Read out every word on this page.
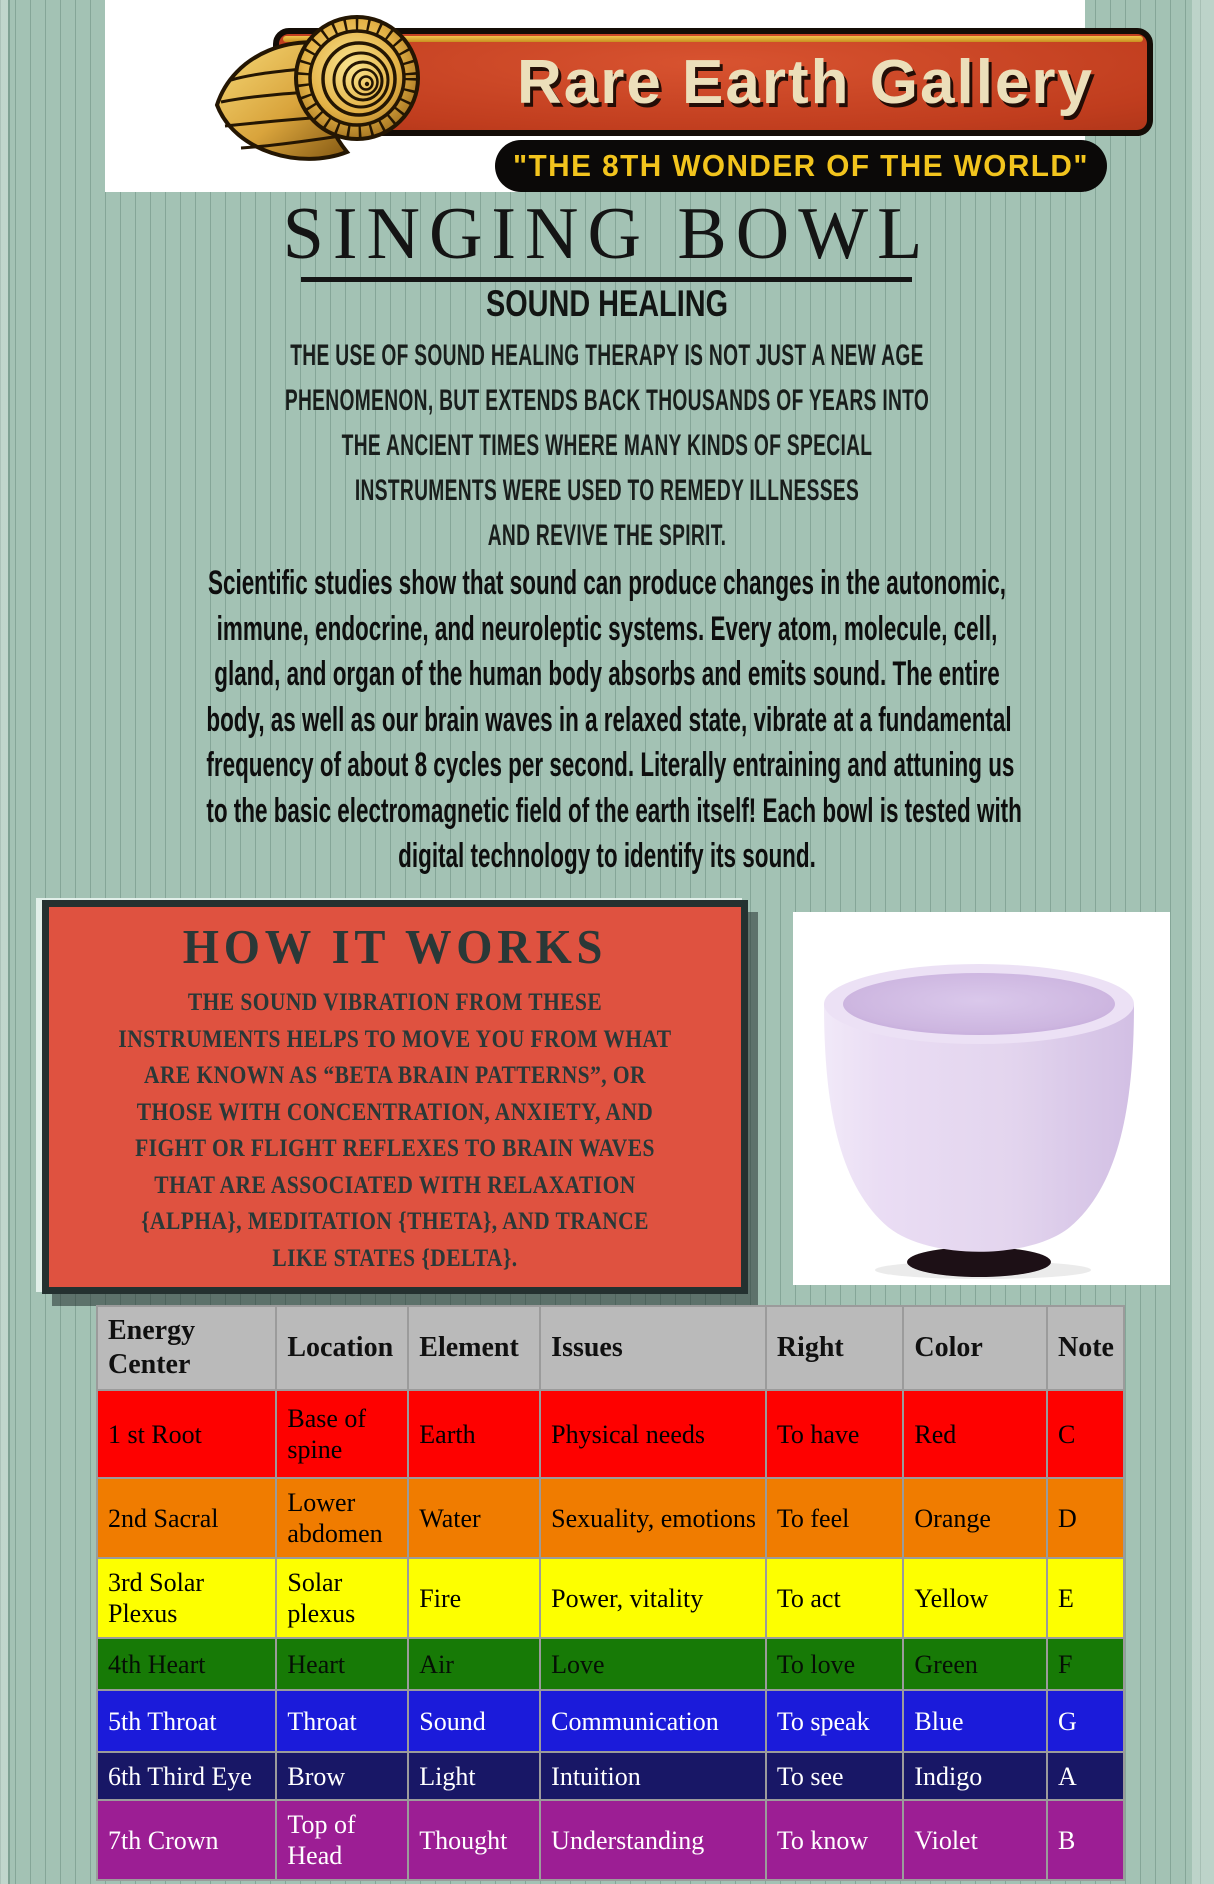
Rare Earth Gallery
"THE 8TH WONDER OF THE WORLD"
SINGING BOWL
SOUND HEALING
THE USE OF SOUND HEALING THERAPY IS NOT JUST A NEW AGE
PHENOMENON, BUT EXTENDS BACK THOUSANDS OF YEARS INTO
THE ANCIENT TIMES WHERE MANY KINDS OF SPECIAL
INSTRUMENTS WERE USED TO REMEDY ILLNESSES
AND REVIVE THE SPIRIT.
Scientific studies show that sound can produce changes in the autonomic,
immune, endocrine, and neuroleptic systems. Every atom, molecule, cell,
gland, and organ of the human body absorbs and emits sound. The entire
body, as well as our brain waves in a relaxed state, vibrate at a fundamental
frequency of about 8 cycles per second. Literally entraining and attuning us
to the basic electromagnetic field of the earth itself! Each bowl is tested with
digital technology to identify its sound.
HOW IT WORKS
THE SOUND VIBRATION FROM THESE
INSTRUMENTS HELPS TO MOVE YOU FROM WHAT
ARE KNOWN AS “BETA BRAIN PATTERNS”, OR
THOSE WITH CONCENTRATION, ANXIETY, AND
FIGHT OR FLIGHT REFLEXES TO BRAIN WAVES
THAT ARE ASSOCIATED WITH RELAXATION
{ALPHA}, MEDITATION {THETA}, AND TRANCE
LIKE STATES {DELTA}.
Energy Center	Location	Element	Issues	Right	Color	Note
1 st Root	Base of spine	Earth	Physical needs	To have	Red	C
2nd Sacral	Lower abdomen	Water	Sexuality, emotions	To feel	Orange	D
3rd Solar Plexus	Solar plexus	Fire	Power, vitality	To act	Yellow	E
4th Heart	Heart	Air	Love	To love	Green	F
5th Throat	Throat	Sound	Communication	To speak	Blue	G
6th Third Eye	Brow	Light	Intuition	To see	Indigo	A
7th Crown	Top of Head	Thought	Understanding	To know	Violet	B
